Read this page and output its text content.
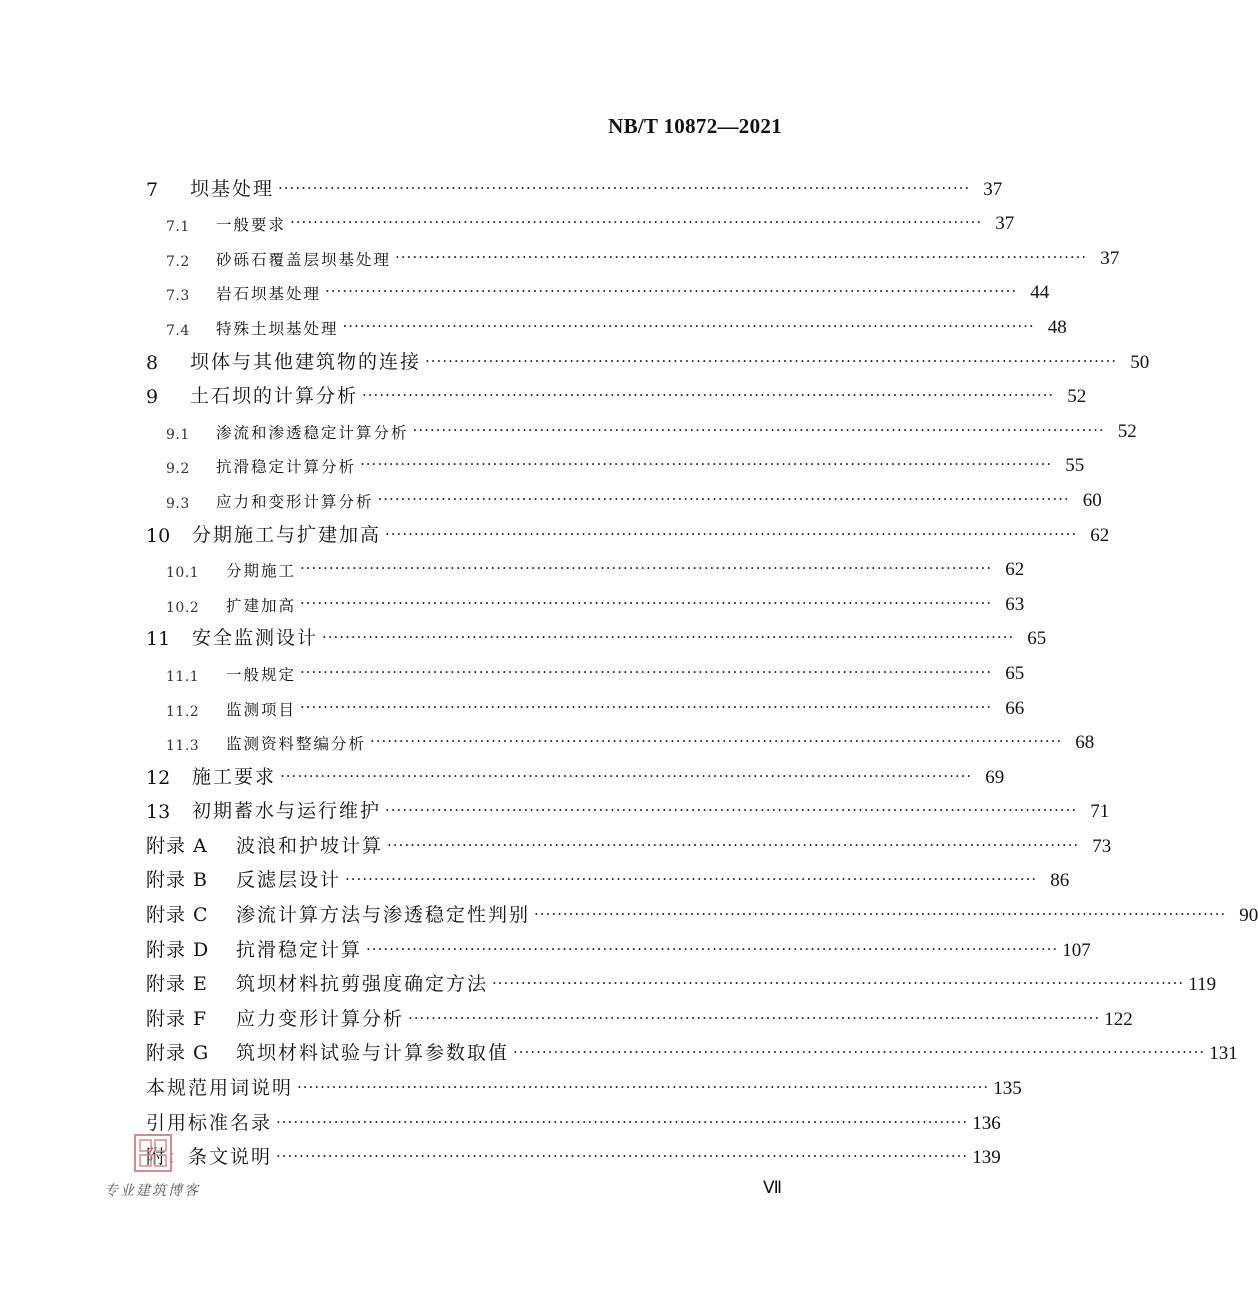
NB/T 10872—2021
7	坝基处理 ························································································································ 37
7.1	一般要求 ························································································································ 37
7.2	砂砾石覆盖层坝基处理 ························································································································ 37
7.3	岩石坝基处理 ························································································································ 44
7.4	特殊土坝基处理 ························································································································ 48
8	坝体与其他建筑物的连接 ························································································································ 50
9	土石坝的计算分析 ························································································································ 52
9.1	渗流和渗透稳定计算分析 ························································································································ 52
9.2	抗滑稳定计算分析 ························································································································ 55
9.3	应力和变形计算分析 ························································································································ 60
10	分期施工与扩建加高 ························································································································ 62
10.1	分期施工 ························································································································ 62
10.2	扩建加高 ························································································································ 63
11	安全监测设计 ························································································································ 65
11.1	一般规定 ························································································································ 65
11.2	监测项目 ························································································································ 66
11.3	监测资料整编分析 ························································································································ 68
12	施工要求 ························································································································ 69
13	初期蓄水与运行维护 ························································································································ 71
附录 A	波浪和护坡计算 ························································································································ 73
附录 B	反滤层设计 ························································································································ 86
附录 C	渗流计算方法与渗透稳定性判别 ························································································································ 90
附录 D	抗滑稳定计算 ························································································································ 107
附录 E	筑坝材料抗剪强度确定方法 ························································································································ 119
附录 F	应力变形计算分析 ························································································································ 122
附录 G	筑坝材料试验与计算参数取值 ························································································································ 131
本规范用词说明 ························································································································ 135
引用标准名录 ························································································································ 136
附：条文说明 ························································································································ 139
专业建筑博客	Ⅶ
